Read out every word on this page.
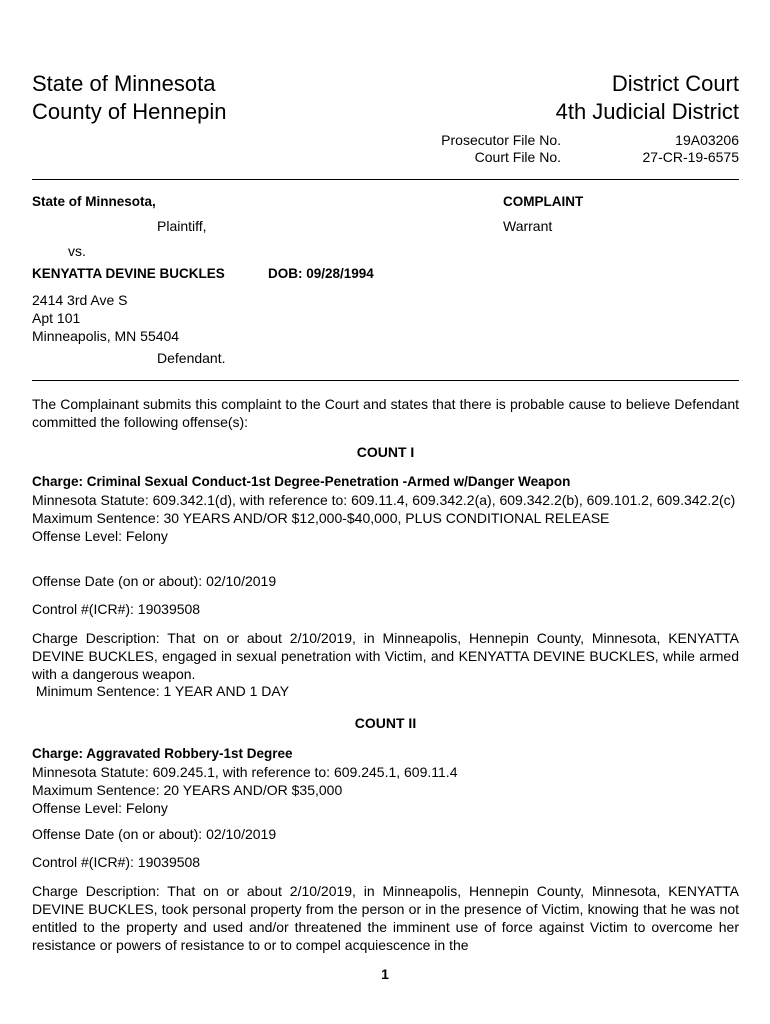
State of Minnesota
County of Hennepin
District Court
4th Judicial District
Prosecutor File No.	19A03206
Court File No.	27-CR-19-6575
State of Minnesota,
Plaintiff,
vs.
KENYATTA DEVINE BUCKLES	DOB: 09/28/1994
2414 3rd Ave S
Apt 101
Minneapolis, MN 55404
Defendant.
COMPLAINT
Warrant
The Complainant submits this complaint to the Court and states that there is probable cause to believe Defendant committed the following offense(s):
COUNT I
Charge: Criminal Sexual Conduct-1st Degree-Penetration -Armed w/Danger Weapon
Minnesota Statute: 609.342.1(d), with reference to: 609.11.4, 609.342.2(a), 609.342.2(b), 609.101.2, 609.342.2(c)
Maximum Sentence: 30 YEARS AND/OR $12,000-$40,000, PLUS CONDITIONAL RELEASE
Offense Level: Felony
Offense Date (on or about): 02/10/2019
Control #(ICR#): 19039508
Charge Description: That on or about 2/10/2019, in Minneapolis, Hennepin County, Minnesota, KENYATTA DEVINE BUCKLES, engaged in sexual penetration with Victim, and KENYATTA DEVINE BUCKLES, while armed with a dangerous weapon.
Minimum Sentence: 1 YEAR AND 1 DAY
COUNT II
Charge: Aggravated Robbery-1st Degree
Minnesota Statute: 609.245.1, with reference to: 609.245.1, 609.11.4
Maximum Sentence: 20 YEARS AND/OR $35,000
Offense Level: Felony
Offense Date (on or about): 02/10/2019
Control #(ICR#): 19039508
Charge Description: That on or about 2/10/2019, in Minneapolis, Hennepin County, Minnesota, KENYATTA DEVINE BUCKLES, took personal property from the person or in the presence of Victim, knowing that he was not entitled to the property and used and/or threatened the imminent use of force against Victim to overcome her resistance or powers of resistance to or to compel acquiescence in the
1
